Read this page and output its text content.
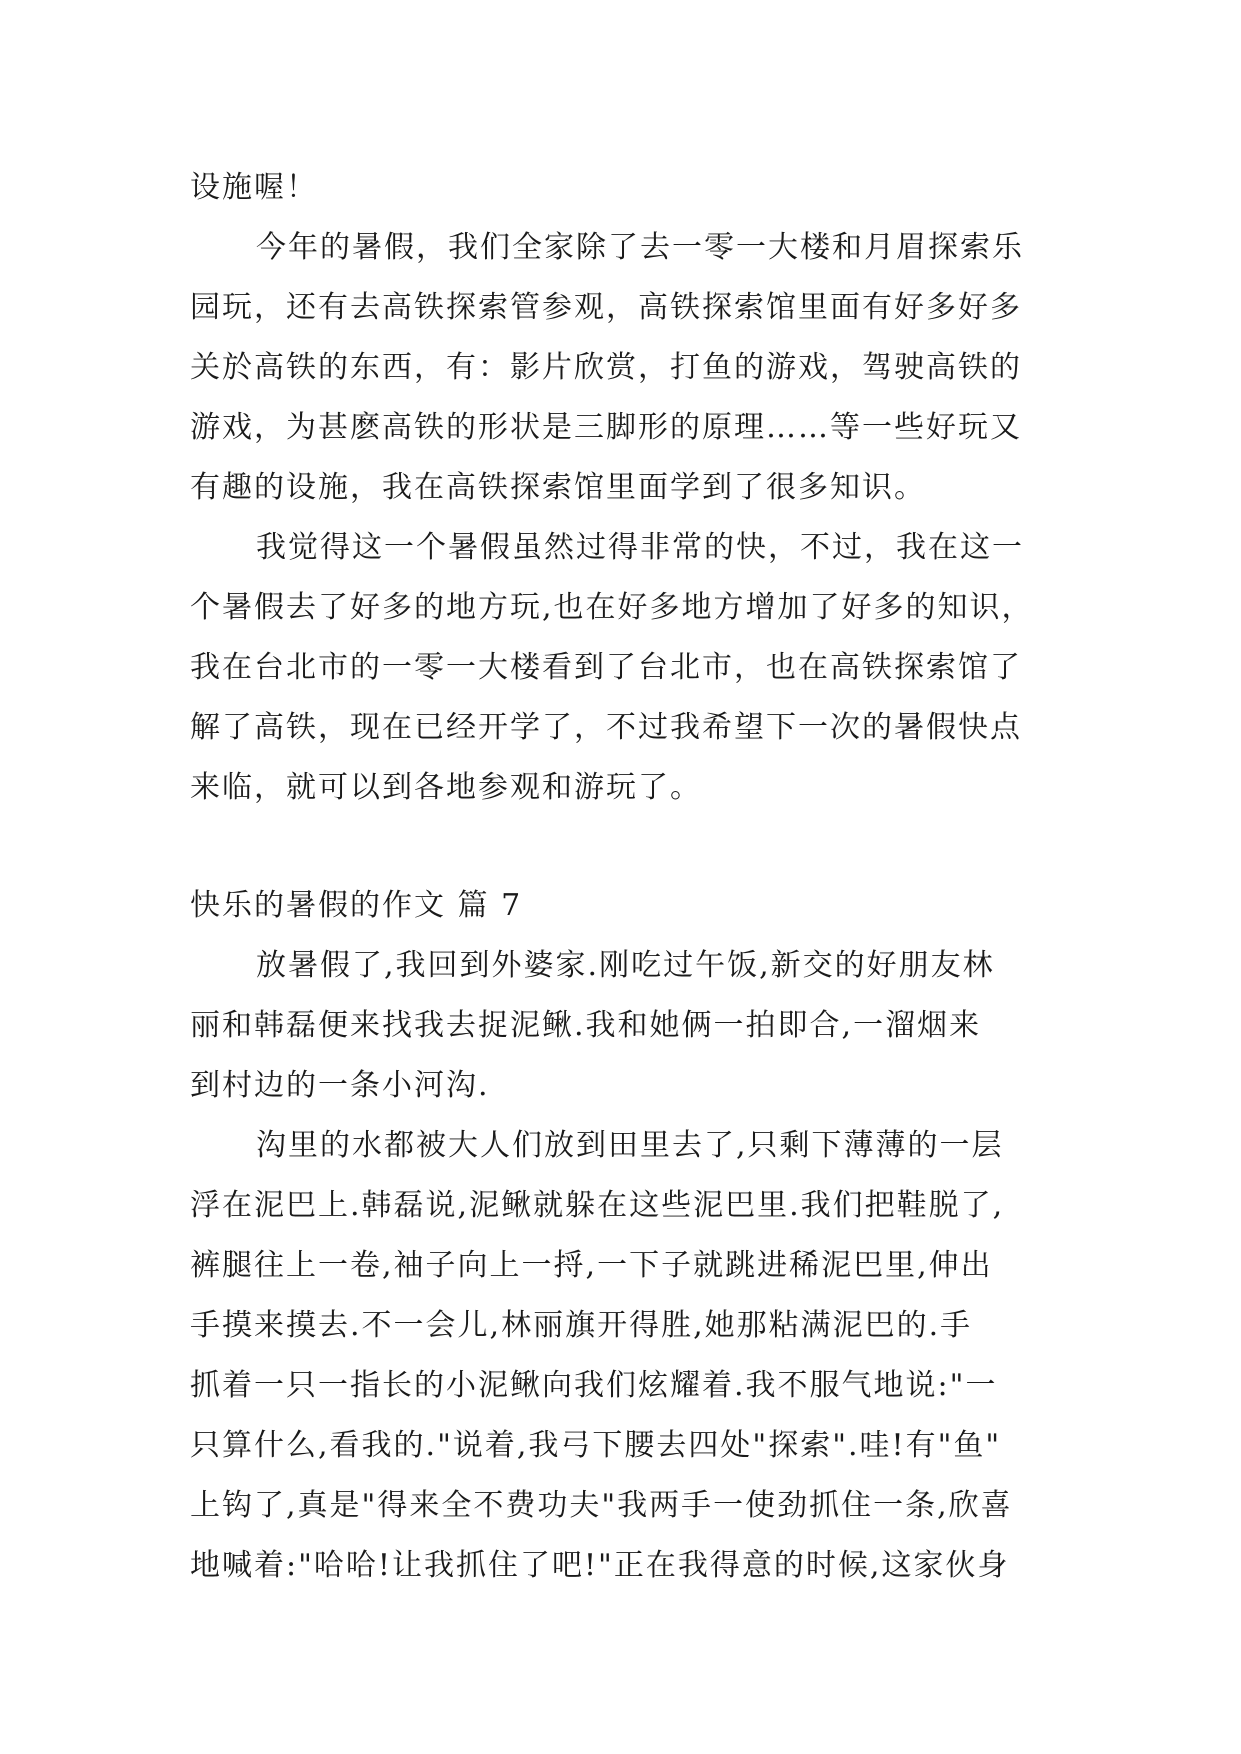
设施喔！
今年的暑假，我们全家除了去一零一大楼和月眉探索乐
园玩，还有去高铁探索管参观，高铁探索馆里面有好多好多
关於高铁的东西，有：影片欣赏，打鱼的游戏，驾驶高铁的
游戏，为甚麽高铁的形状是三脚形的原理……等一些好玩又
有趣的设施，我在高铁探索馆里面学到了很多知识。
我觉得这一个暑假虽然过得非常的快，不过，我在这一
个暑假去了好多的地方玩,也在好多地方增加了好多的知识，
我在台北市的一零一大楼看到了台北市，也在高铁探索馆了
解了高铁，现在已经开学了，不过我希望下一次的暑假快点
来临，就可以到各地参观和游玩了。
快乐的暑假的作文 篇 7
放暑假了,我回到外婆家.刚吃过午饭,新交的好朋友林
丽和韩磊便来找我去捉泥鳅.我和她俩一拍即合,一溜烟来
到村边的一条小河沟.
沟里的水都被大人们放到田里去了,只剩下薄薄的一层
浮在泥巴上.韩磊说,泥鳅就躲在这些泥巴里.我们把鞋脱了,
裤腿往上一卷,袖子向上一捋,一下子就跳进稀泥巴里,伸出
手摸来摸去.不一会儿,林丽旗开得胜,她那粘满泥巴的.手
抓着一只一指长的小泥鳅向我们炫耀着.我不服气地说:"一
只算什么,看我的."说着,我弓下腰去四处"探索".哇!有"鱼"
上钩了,真是"得来全不费功夫"我两手一使劲抓住一条,欣喜
地喊着:"哈哈!让我抓住了吧!"正在我得意的时候,这家伙身
